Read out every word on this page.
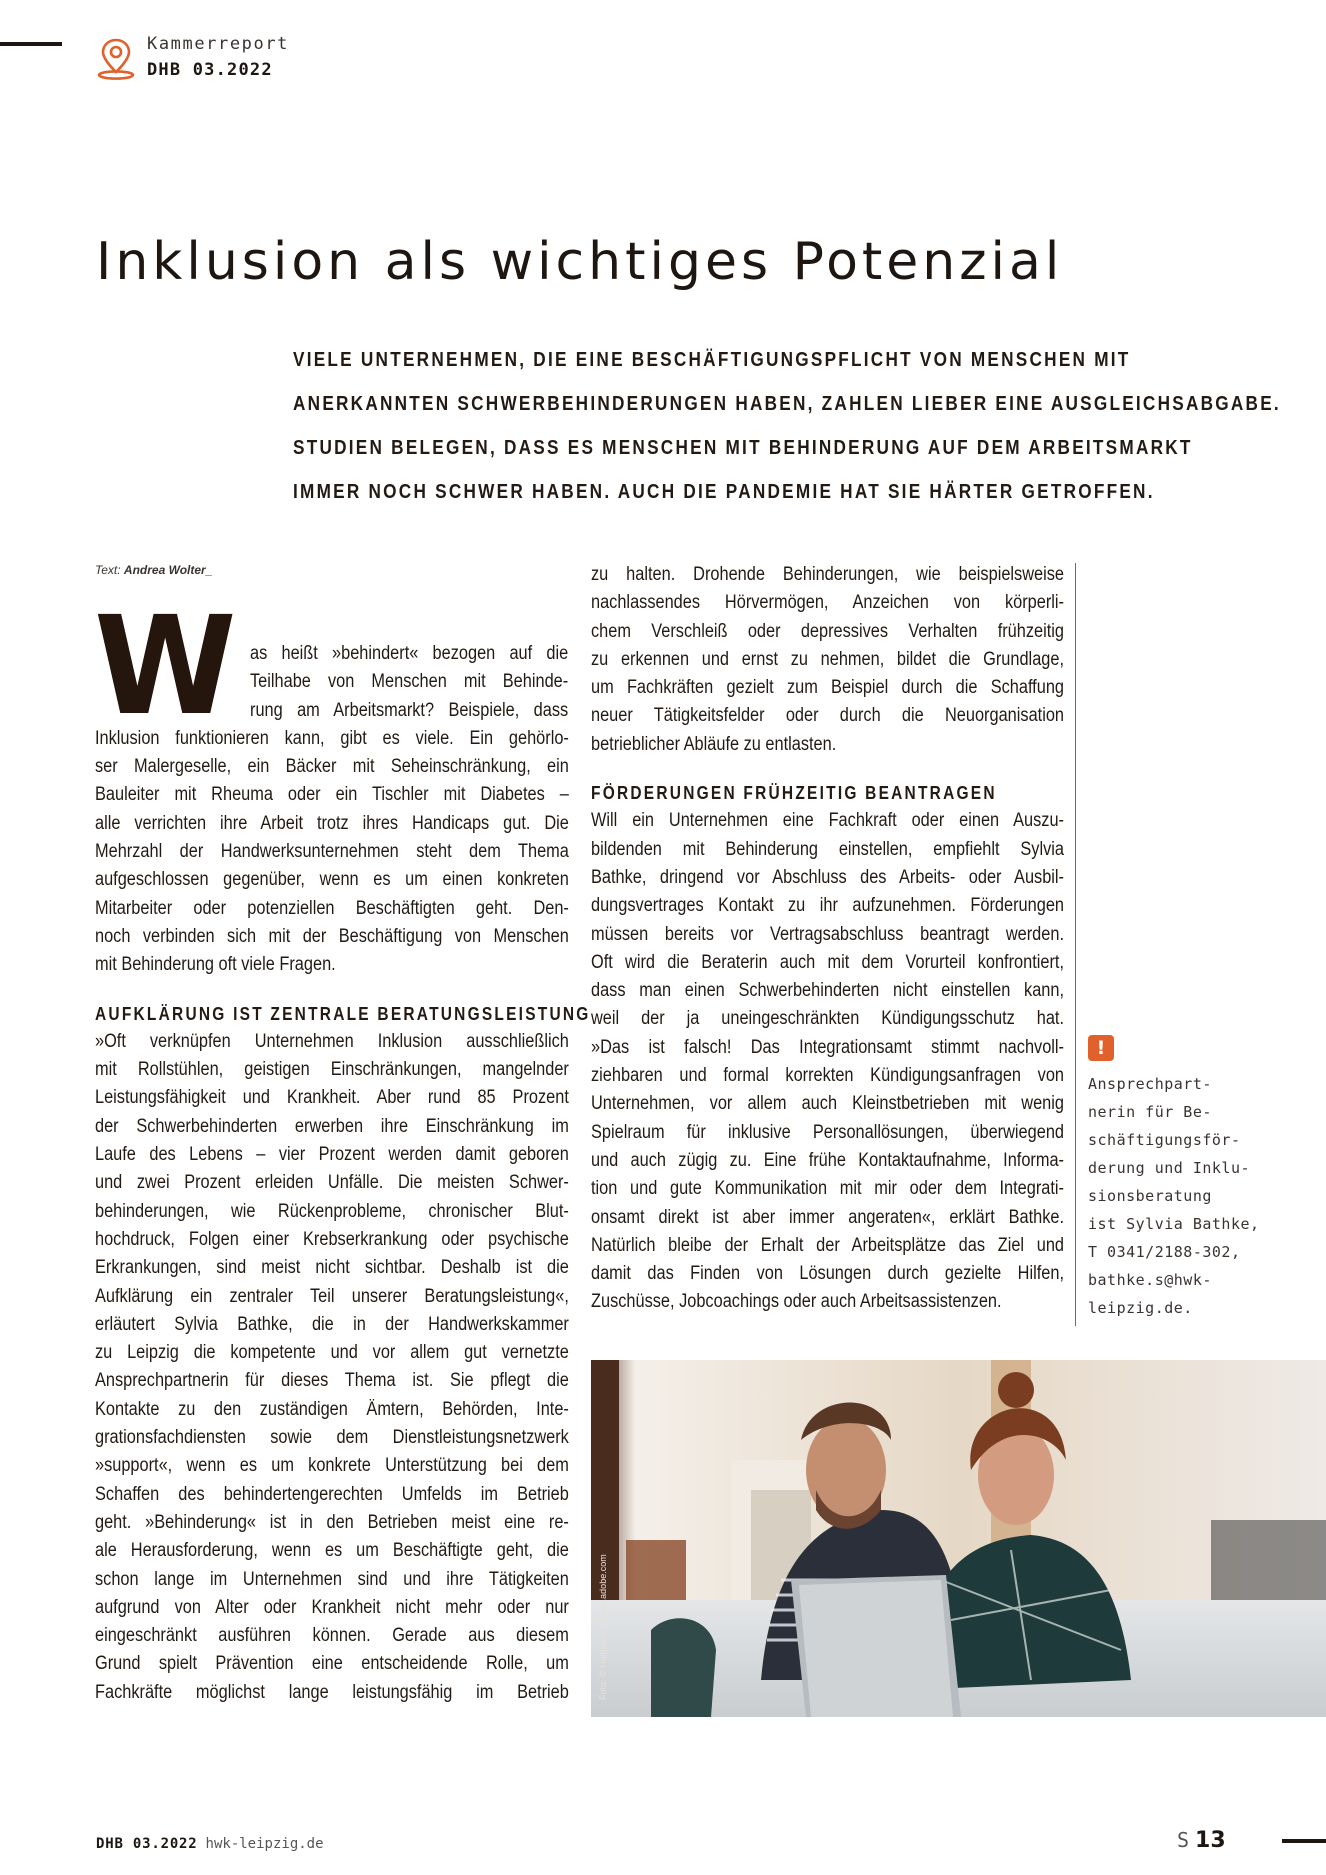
Kammerreport
DHB 03.2022
Inklusion als wichtiges Potenzial
VIELE UNTERNEHMEN, DIE EINE BESCHÄFTIGUNGSPFLICHT VON MENSCHEN MIT
ANERKANNTEN SCHWERBEHINDERUNGEN HABEN, ZAHLEN LIEBER EINE AUSGLEICHSABGABE.
STUDIEN BELEGEN, DASS ES MENSCHEN MIT BEHINDERUNG AUF DEM ARBEITSMARKT
IMMER NOCH SCHWER HABEN. AUCH DIE PANDEMIE HAT SIE HÄRTER GETROFFEN.
Text: Andrea Wolter_
W as heißt »behindert« bezogen auf die
Teilhabe von Menschen mit Behinde-
rung am Arbeitsmarkt? Beispiele, dass
Inklusion funktionieren kann, gibt es viele. Ein gehörlo-
ser Malergeselle, ein Bäcker mit Seheinschränkung, ein
Bauleiter mit Rheuma oder ein Tischler mit Diabetes –
alle verrichten ihre Arbeit trotz ihres Handicaps gut. Die
Mehrzahl der Handwerksunternehmen steht dem Thema
aufgeschlossen gegenüber, wenn es um einen konkreten
Mitarbeiter oder potenziellen Beschäftigten geht. Den-
noch verbinden sich mit der Beschäftigung von Menschen
mit Behinderung oft viele Fragen.
AUFKLÄRUNG IST ZENTRALE BERATUNGSLEISTUNG
»Oft verknüpfen Unternehmen Inklusion ausschließlich
mit Rollstühlen, geistigen Einschränkungen, mangelnder
Leistungsfähigkeit und Krankheit. Aber rund 85 Prozent
der Schwerbehinderten erwerben ihre Einschränkung im
Laufe des Lebens – vier Prozent werden damit geboren
und zwei Prozent erleiden Unfälle. Die meisten Schwer-
behinderungen, wie Rückenprobleme, chronischer Blut-
hochdruck, Folgen einer Krebserkrankung oder psychische
Erkrankungen, sind meist nicht sichtbar. Deshalb ist die
Aufklärung ein zentraler Teil unserer Beratungsleistung«,
erläutert Sylvia Bathke, die in der Handwerkskammer
zu Leipzig die kompetente und vor allem gut vernetzte
Ansprechpartnerin für dieses Thema ist. Sie pflegt die
Kontakte zu den zuständigen Ämtern, Behörden, Inte-
grationsfachdiensten sowie dem Dienstleistungsnetzwerk
»support«, wenn es um konkrete Unterstützung bei dem
Schaffen des behindertengerechten Umfelds im Betrieb
geht. »Behinderung« ist in den Betrieben meist eine re-
ale Herausforderung, wenn es um Beschäftigte geht, die
schon lange im Unternehmen sind und ihre Tätigkeiten
aufgrund von Alter oder Krankheit nicht mehr oder nur
eingeschränkt ausführen können. Gerade aus diesem
Grund spielt Prävention eine entscheidende Rolle, um
Fachkräfte möglichst lange leistungsfähig im Betrieb
zu halten. Drohende Behinderungen, wie beispielsweise
nachlassendes Hörvermögen, Anzeichen von körperli-
chem Verschleiß oder depressives Verhalten frühzeitig
zu erkennen und ernst zu nehmen, bildet die Grundlage,
um Fachkräften gezielt zum Beispiel durch die Schaffung
neuer Tätigkeitsfelder oder durch die Neuorganisation
betrieblicher Abläufe zu entlasten.
FÖRDERUNGEN FRÜHZEITIG BEANTRAGEN
Will ein Unternehmen eine Fachkraft oder einen Auszu-
bildenden mit Behinderung einstellen, empfiehlt Sylvia
Bathke, dringend vor Abschluss des Arbeits- oder Ausbil-
dungsvertrages Kontakt zu ihr aufzunehmen. Förderungen
müssen bereits vor Vertragsabschluss beantragt werden.
Oft wird die Beraterin auch mit dem Vorurteil konfrontiert,
dass man einen Schwerbehinderten nicht einstellen kann,
weil der ja uneingeschränkten Kündigungsschutz hat.
»Das ist falsch! Das Integrationsamt stimmt nachvoll-
ziehbaren und formal korrekten Kündigungsanfragen von
Unternehmen, vor allem auch Kleinstbetrieben mit wenig
Spielraum für inklusive Personallösungen, überwiegend
und auch zügig zu. Eine frühe Kontaktaufnahme, Informa-
tion und gute Kommunikation mit mir oder dem Integrati-
onsamt direkt ist aber immer angeraten«, erklärt Bathke.
Natürlich bleibe der Erhalt der Arbeitsplätze das Ziel und
damit das Finden von Lösungen durch gezielte Hilfen,
Zuschüsse, Jobcoachings oder auch Arbeitsassistenzen.
!
Ansprechpart-
nerin für Be-
schäftigungsför-
derung und Inklu-
sionsberatung
ist Sylvia Bathke,
T 0341/2188-302,
bathke.s@hwk-
leipzig.de.
Foto: © Halfpoint – stock.adobe.com
DHB 03.2022 hwk-leipzig.de	S 13
